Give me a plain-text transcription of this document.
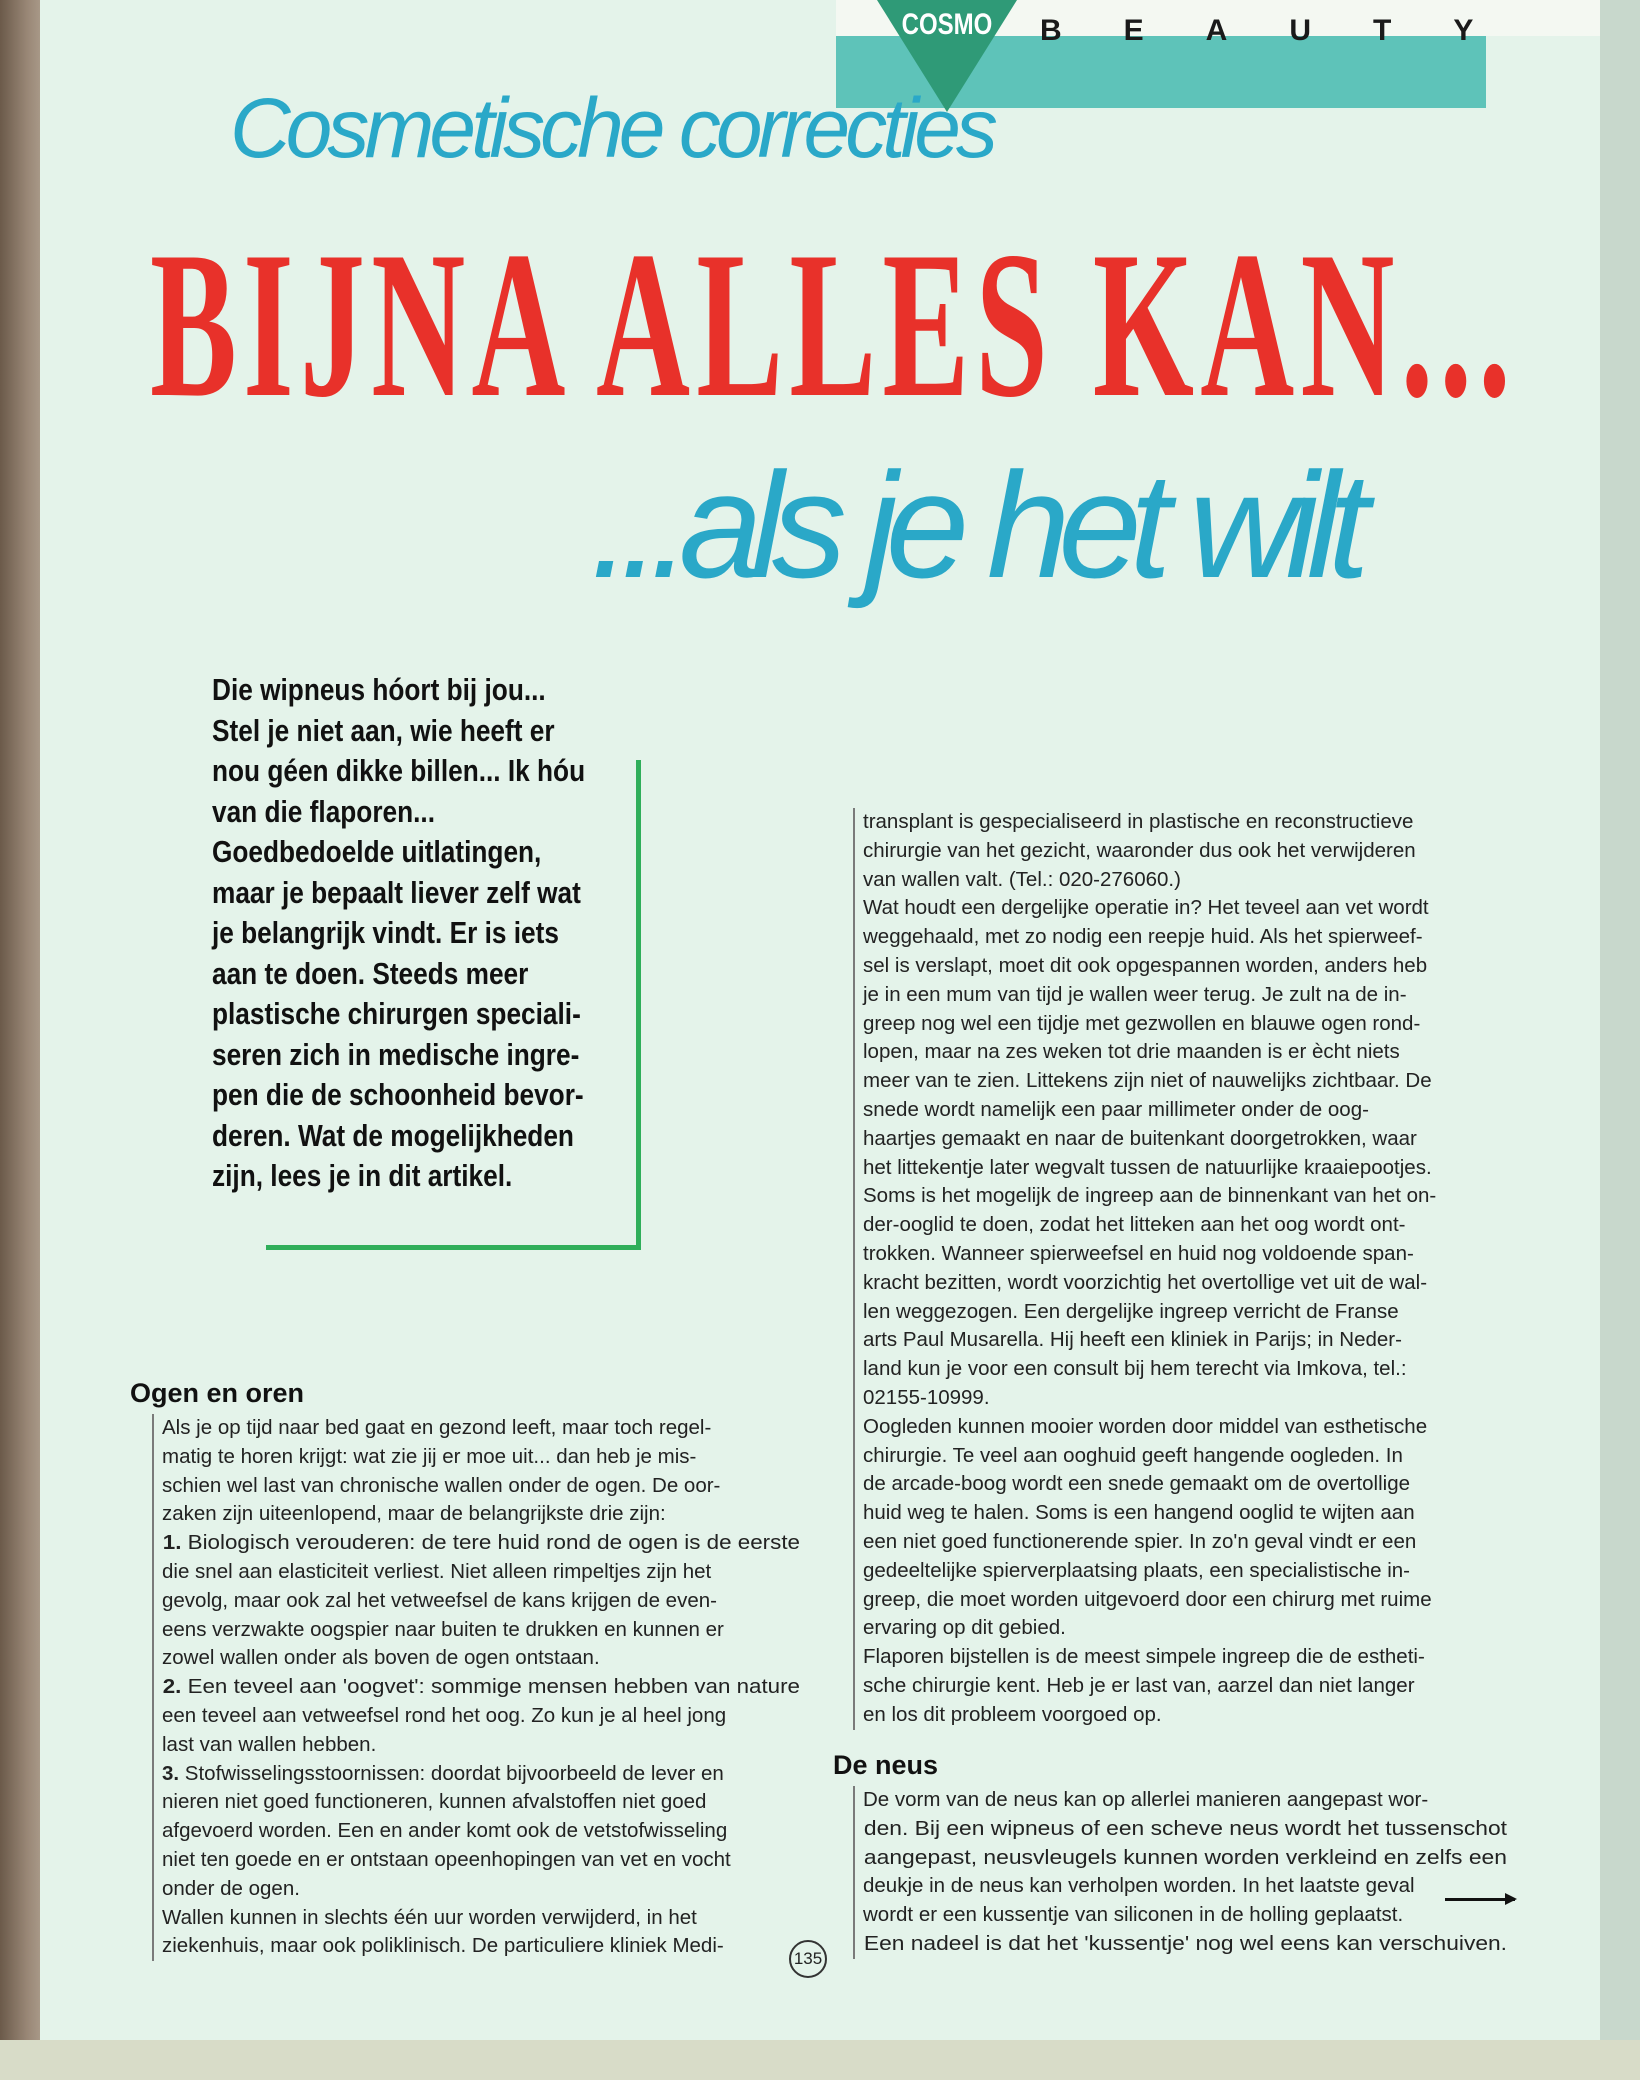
COSMO BEAUTY
Cosmetische correcties
BIJNA ALLES KAN...
...als je het wilt
Die wipneus hóort bij jou...
Stel je niet aan, wie heeft er
nou géen dikke billen... Ik hóu
van die flaporen...
Goedbedoelde uitlatingen,
maar je bepaalt liever zelf wat
je belangrijk vindt. Er is iets
aan te doen. Steeds meer
plastische chirurgen speciali-
seren zich in medische ingre-
pen die de schoonheid bevor-
deren. Wat de mogelijkheden
zijn, lees je in dit artikel.
Ogen en oren
Als je op tijd naar bed gaat en gezond leeft, maar toch regel-
matig te horen krijgt: wat zie jij er moe uit... dan heb je mis-
schien wel last van chronische wallen onder de ogen. De oor-
zaken zijn uiteenlopend, maar de belangrijkste drie zijn:
1. Biologisch verouderen: de tere huid rond de ogen is de eerste
die snel aan elasticiteit verliest. Niet alleen rimpeltjes zijn het
gevolg, maar ook zal het vetweefsel de kans krijgen de even-
eens verzwakte oogspier naar buiten te drukken en kunnen er
zowel wallen onder als boven de ogen ontstaan.
2. Een teveel aan 'oogvet': sommige mensen hebben van nature
een teveel aan vetweefsel rond het oog. Zo kun je al heel jong
last van wallen hebben.
3. Stofwisselingsstoornissen: doordat bijvoorbeeld de lever en
nieren niet goed functioneren, kunnen afvalstoffen niet goed
afgevoerd worden. Een en ander komt ook de vetstofwisseling
niet ten goede en er ontstaan opeenhopingen van vet en vocht
onder de ogen.
Wallen kunnen in slechts één uur worden verwijderd, in het
ziekenhuis, maar ook poliklinisch. De particuliere kliniek Medi-
transplant is gespecialiseerd in plastische en reconstructieve
chirurgie van het gezicht, waaronder dus ook het verwijderen
van wallen valt. (Tel.: 020-276060.)
Wat houdt een dergelijke operatie in? Het teveel aan vet wordt
weggehaald, met zo nodig een reepje huid. Als het spierweef-
sel is verslapt, moet dit ook opgespannen worden, anders heb
je in een mum van tijd je wallen weer terug. Je zult na de in-
greep nog wel een tijdje met gezwollen en blauwe ogen rond-
lopen, maar na zes weken tot drie maanden is er ècht niets
meer van te zien. Littekens zijn niet of nauwelijks zichtbaar. De
snede wordt namelijk een paar millimeter onder de oog-
haartjes gemaakt en naar de buitenkant doorgetrokken, waar
het littekentje later wegvalt tussen de natuurlijke kraaiepootjes.
Soms is het mogelijk de ingreep aan de binnenkant van het on-
der-ooglid te doen, zodat het litteken aan het oog wordt ont-
trokken. Wanneer spierweefsel en huid nog voldoende span-
kracht bezitten, wordt voorzichtig het overtollige vet uit de wal-
len weggezogen. Een dergelijke ingreep verricht de Franse
arts Paul Musarella. Hij heeft een kliniek in Parijs; in Neder-
land kun je voor een consult bij hem terecht via Imkova, tel.:
02155-10999.
Oogleden kunnen mooier worden door middel van esthetische
chirurgie. Te veel aan ooghuid geeft hangende oogleden. In
de arcade-boog wordt een snede gemaakt om de overtollige
huid weg te halen. Soms is een hangend ooglid te wijten aan
een niet goed functionerende spier. In zo'n geval vindt er een
gedeeltelijke spierverplaatsing plaats, een specialistische in-
greep, die moet worden uitgevoerd door een chirurg met ruime
ervaring op dit gebied.
Flaporen bijstellen is de meest simpele ingreep die de estheti-
sche chirurgie kent. Heb je er last van, aarzel dan niet langer
en los dit probleem voorgoed op.
De neus
De vorm van de neus kan op allerlei manieren aangepast wor-
den. Bij een wipneus of een scheve neus wordt het tussenschot
aangepast, neusvleugels kunnen worden verkleind en zelfs een
deukje in de neus kan verholpen worden. In het laatste geval
wordt er een kussentje van siliconen in de holling geplaatst.
Een nadeel is dat het 'kussentje' nog wel eens kan verschuiven.
135
